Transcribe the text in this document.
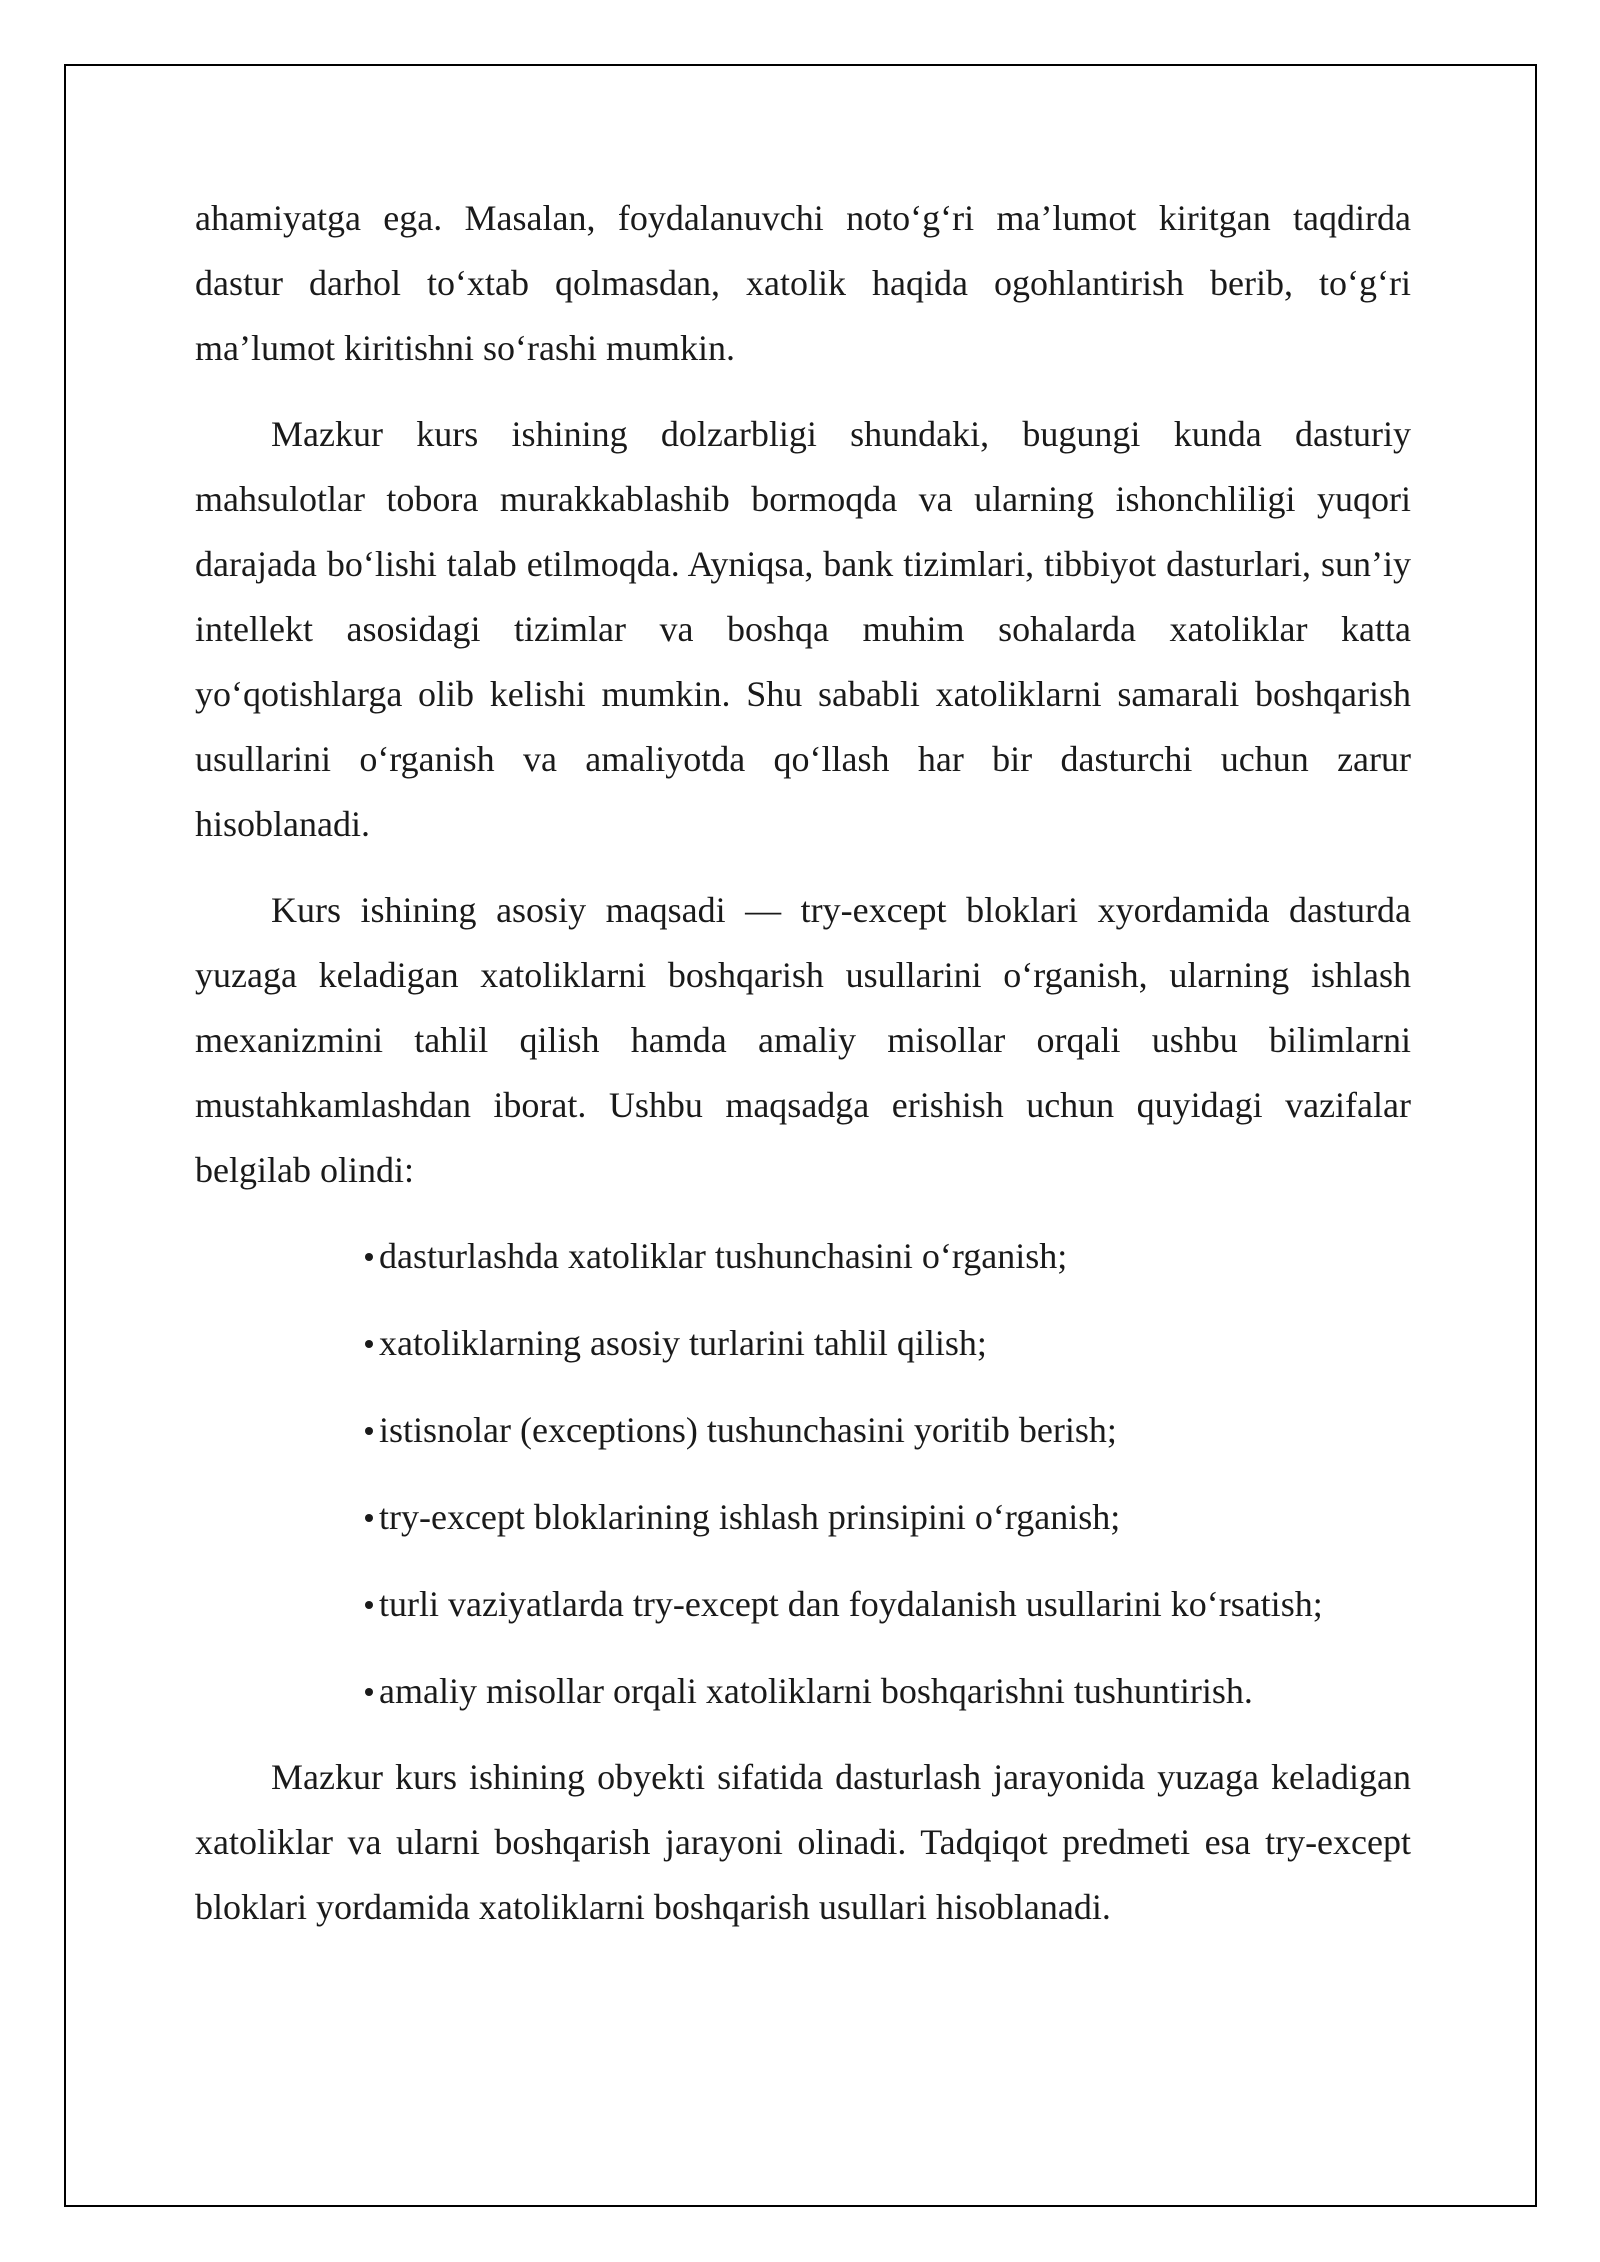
ahamiyatga ega. Masalan, foydalanuvchi noto‘g‘ri ma’lumot kiritgan taqdirda dastur darhol to‘xtab qolmasdan, xatolik haqida ogohlantirish berib, to‘g‘ri ma’lumot kiritishni so‘rashi mumkin.

Mazkur kurs ishining dolzarbligi shundaki, bugungi kunda dasturiy mahsulotlar tobora murakkablashib bormoqda va ularning ishonchliligi yuqori darajada bo‘lishi talab etilmoqda. Ayniqsa, bank tizimlari, tibbiyot dasturlari, sun’iy intellekt asosidagi tizimlar va boshqa muhim sohalarda xatoliklar katta yo‘qotishlarga olib kelishi mumkin. Shu sababli xatoliklarni samarali boshqarish usullarini o‘rganish va amaliyotda qo‘llash har bir dasturchi uchun zarur hisoblanadi.

Kurs ishining asosiy maqsadi — try-except bloklari xyordamida dasturda yuzaga keladigan xatoliklarni boshqarish usullarini o‘rganish, ularning ishlash mexanizmini tahlil qilish hamda amaliy misollar orqali ushbu bilimlarni mustahkamlashdan iborat. Ushbu maqsadga erishish uchun quyidagi vazifalar belgilab olindi:

dasturlashda xatoliklar tushunchasini o‘rganish;
xatoliklarning asosiy turlarini tahlil qilish;
istisnolar (exceptions) tushunchasini yoritib berish;
try-except bloklarining ishlash prinsipini o‘rganish;
turli vaziyatlarda try-except dan foydalanish usullarini ko‘rsatish;
amaliy misollar orqali xatoliklarni boshqarishni tushuntirish.

Mazkur kurs ishining obyekti sifatida dasturlash jarayonida yuzaga keladigan xatoliklar va ularni boshqarish jarayoni olinadi. Tadqiqot predmeti esa try-except bloklari yordamida xatoliklarni boshqarish usullari hisoblanadi.
